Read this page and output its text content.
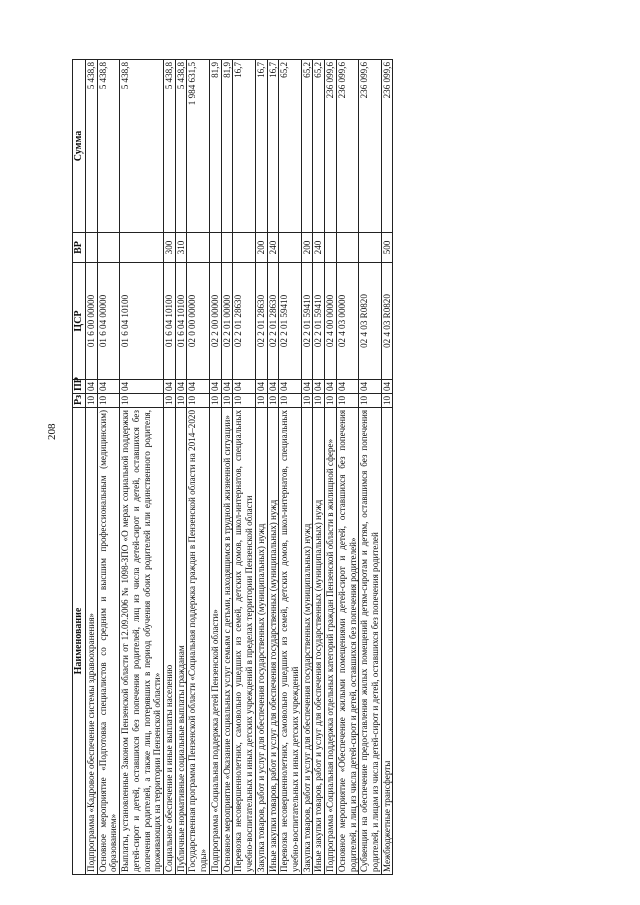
208
Наименование	Рз	ПР	ЦСР	ВР	Сумма
Подпрограмма «Кадровое обеспечение системы здравоохранения»	10	04	01 6 00 00000		5 438,8
Основное мероприятие «Подготовка специалистов со средним и высшим профессиональным (медицинским) образованием»	10	04	01 6 04 00000		5 438,8
Выплаты, установленные Законом Пензенской области от 12.09.2006 № 1098-ЗПО «О мерах социальной поддержки детей-сирот и детей, оставшихся без попечения родителей, лиц из числа детей-сирот и детей, оставшихся без попечения родителей, а также лиц, потерявших в период обучения обоих родителей или единственного родителя, проживающих на территории Пензенской области»	10	04	01 6 04 10100		5 438,8
Социальное обеспечение и иные выплаты населению	10	04	01 6 04 10100	300	5 438,8
Публичные нормативные социальные выплаты гражданам	10	04	01 6 04 10100	310	5 438,8
Государственная программа Пензенской области «Социальная поддержка граждан в Пензенской области на 2014–2020 годы»	10	04	02 0 00 00000		1 984 631,5
Подпрограмма «Социальная поддержка детей Пензенской области»	10	04	02 2 00 00000		81,9
Основное мероприятие «Оказание социальных услуг семьям с детьми, находящимся в трудной жизненной ситуации»	10	04	02 2 01 00000		81,9
Перевозка несовершеннолетних, самовольно ушедших из семей, детских домов, школ-интернатов, специальных учебно-воспитательных и иных детских учреждений в пределах территории Пензенской области	10	04	02 2 01 28630		16,7
Закупка товаров, работ и услуг для обеспечения государственных (муниципальных) нужд	10	04	02 2 01 28630	200	16,7
Иные закупки товаров, работ и услуг для обеспечения государственных (муниципальных) нужд	10	04	02 2 01 28630	240	16,7
Перевозка несовершеннолетних, самовольно ушедших из семей, детских домов, школ-интернатов, специальных учебно-воспитательных и иных детских учреждений	10	04	02 2 01 59410		65,2
Закупка товаров, работ и услуг для обеспечения государственных (муниципальных) нужд	10	04	02 2 01 59410	200	65,2
Иные закупки товаров, работ и услуг для обеспечения государственных (муниципальных) нужд	10	04	02 2 01 59410	240	65,2
Подпрограмма «Социальная поддержка отдельных категорий граждан Пензенской области в жилищной сфере»	10	04	02 4 00 00000		236 099,6
Основное мероприятие «Обеспечение жилыми помещениями детей-сирот и детей, оставшихся без попечения родителей, и лиц из числа детей-сирот и детей, оставшихся без попечения родителей»	10	04	02 4 03 00000		236 099,6
Субвенции на обеспечение предоставления жилых помещений детям-сиротам и детям, оставшимся без попечения родителей, и лицам из числа детей-сирот и детей, оставшихся без попечения родителей	10	04	02 4 03 R0820		236 099,6
Межбюджетные трансферты	10	04	02 4 03 R0820	500	236 099,6
